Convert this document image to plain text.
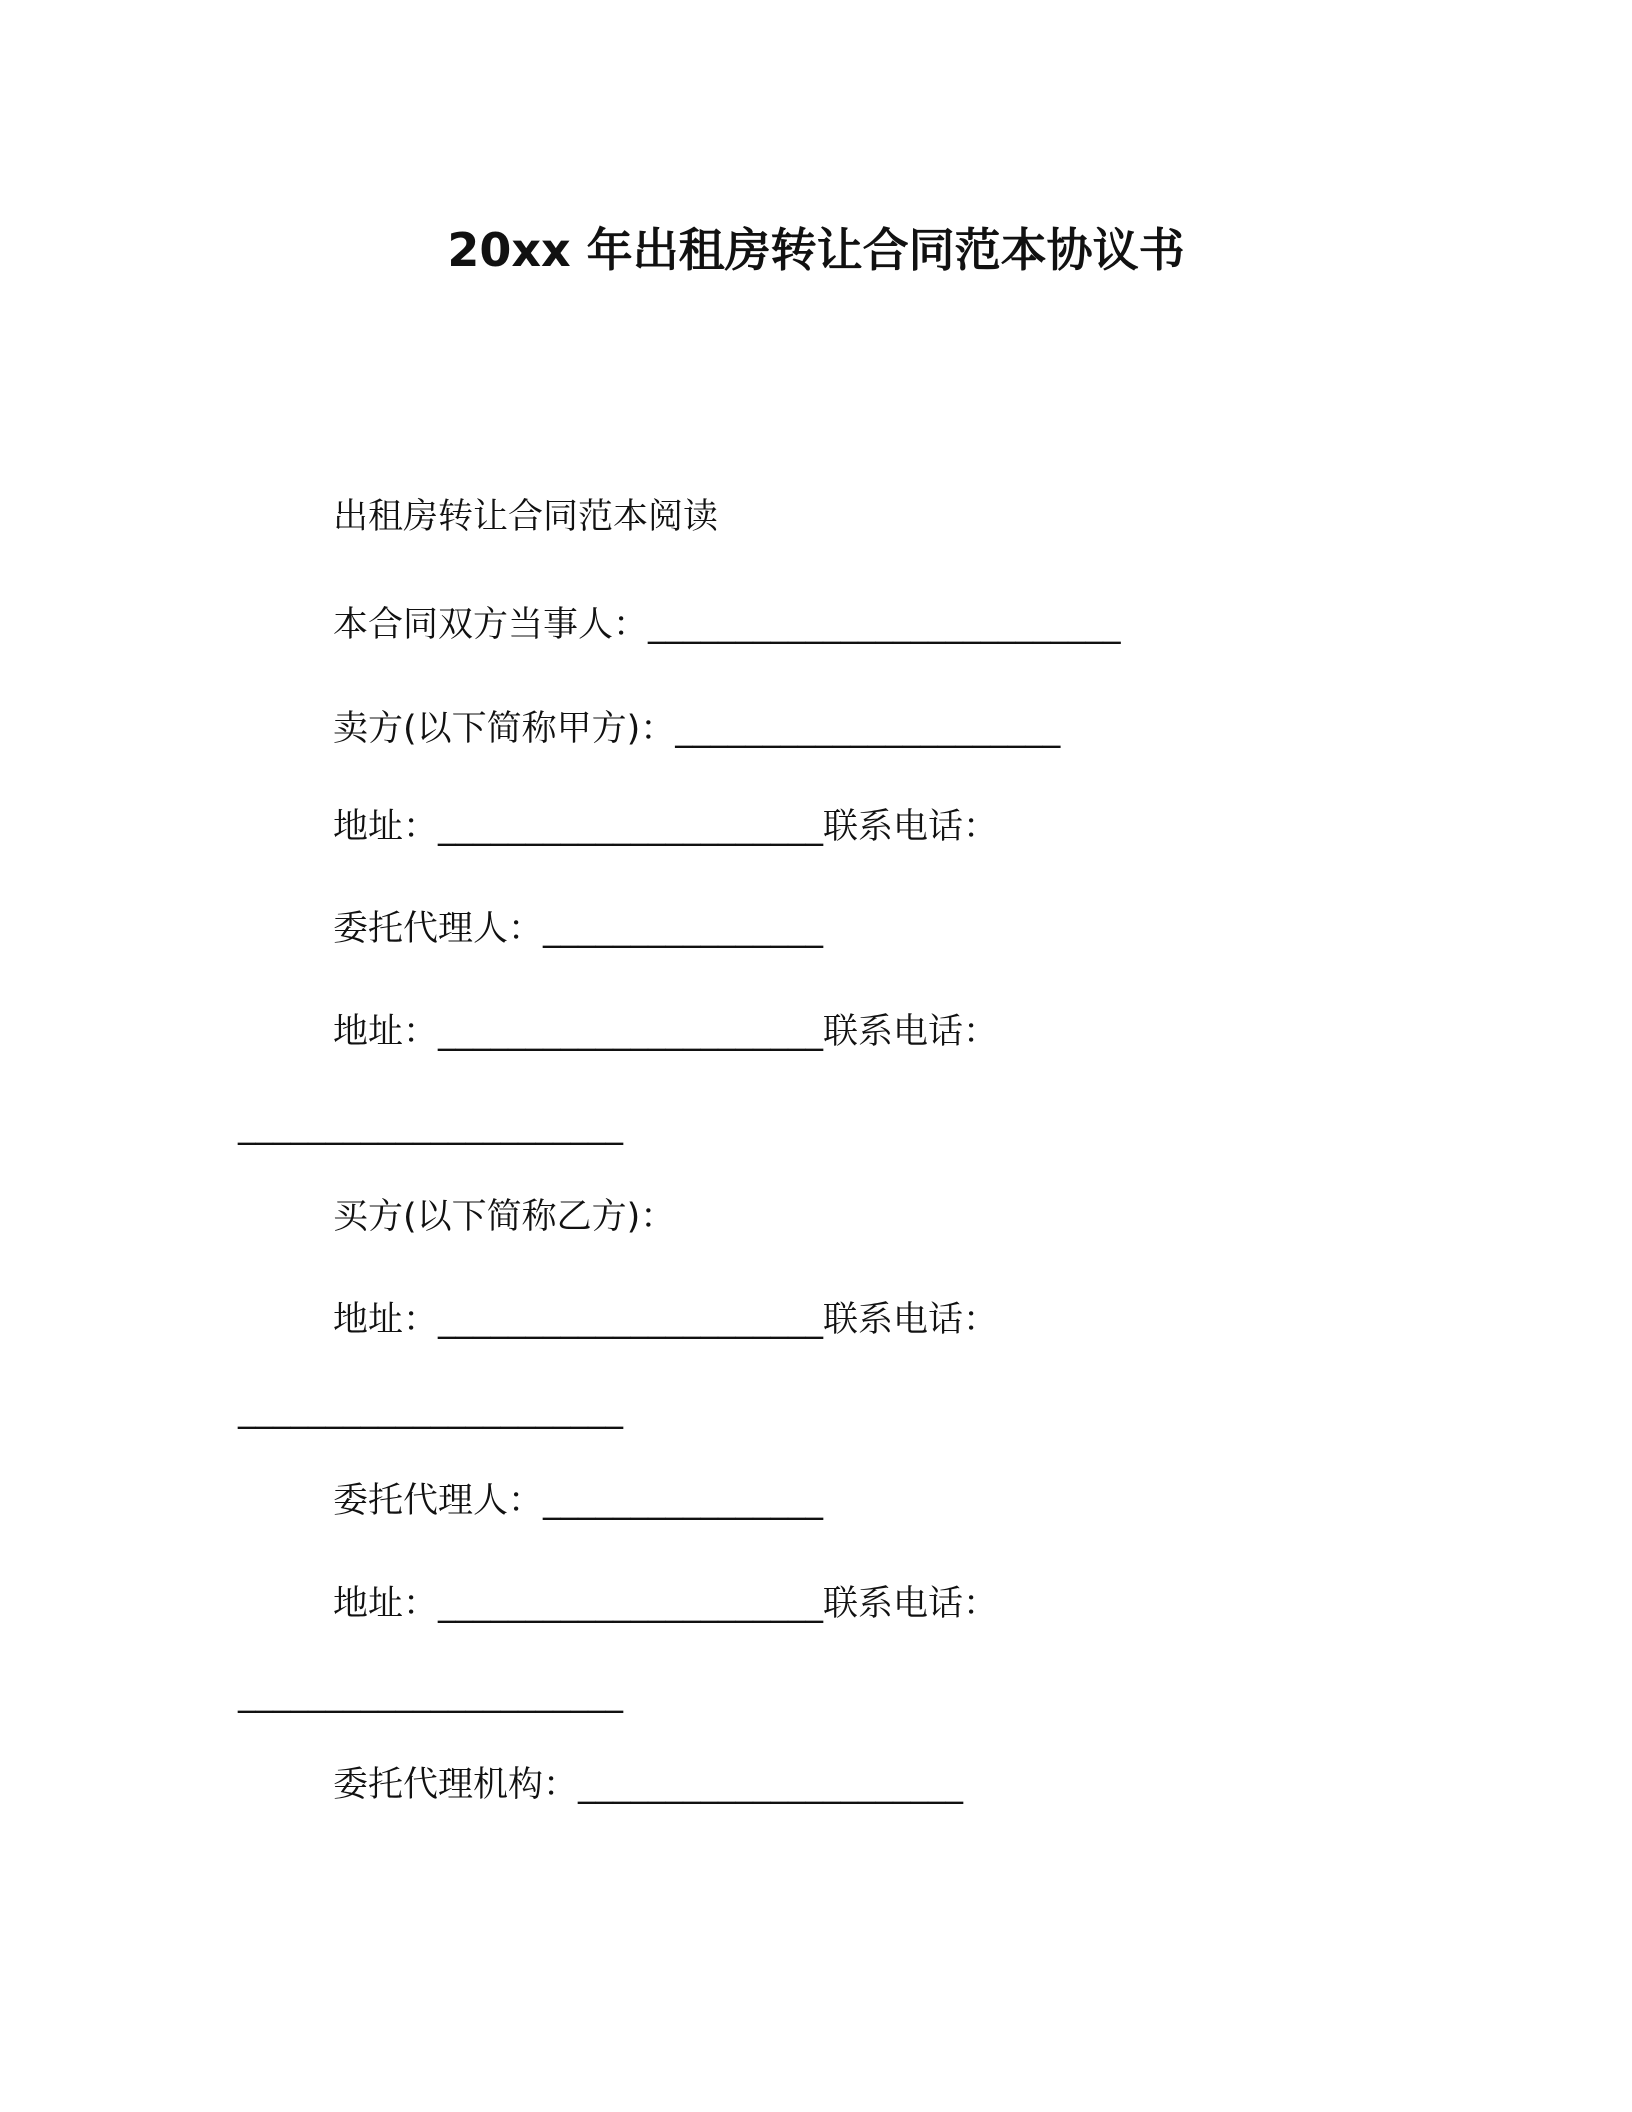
20xx 年出租房转让合同范本协议书
出租房转让合同范本阅读
本合同双方当事人：___________________________
卖方(以下简称甲方)：______________________
地址：______________________联系电话：
委托代理人：________________
地址：______________________联系电话：
______________________
买方(以下简称乙方)：
地址：______________________联系电话：
______________________
委托代理人：________________
地址：______________________联系电话：
______________________
委托代理机构：______________________
